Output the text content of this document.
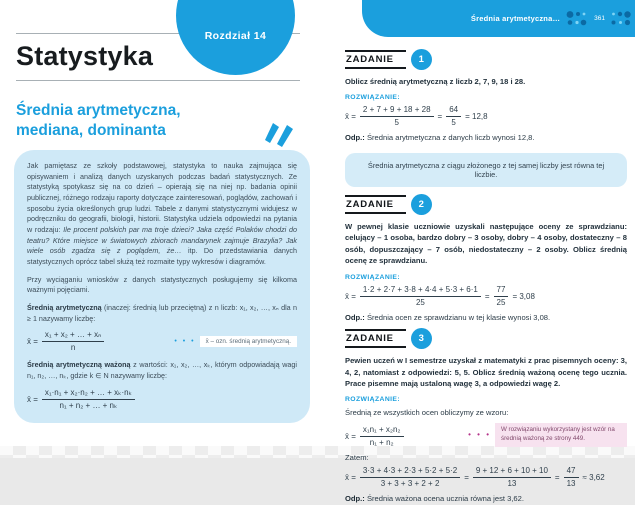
Rozdział 14
Statystyka
Średnia arytmetyczna,
mediana, dominanta

Jak pamiętasz ze szkoły podstawowej, statystyka to nauka zajmująca się opisywaniem i analizą danych uzyskanych podczas badań statystycznych. Ze statystyką spotykasz się na co dzień – opierają się na niej np. badania opinii publicznej, różnego rodzaju raporty dotyczące zainteresowań, poglądów, zachowań i sposobu życia określonych grup ludzi. Tabele z danymi statystycznymi widujesz w podręczniku do geografii, biologii, historii. Statystyka udziela odpowiedzi na pytania w rodzaju: Ile procent polskich par ma troje dzieci? Jaka część Polaków chodzi do teatru? Które miejsce w światowych zbiorach mandarynek zajmuje Brazylia? Jak wiele osób zgadza się z poglądem, że… itp. Do przedstawiania danych statystycznych oprócz tabel służą też rozmaite typy wykresów i diagramów.

Przy wyciąganiu wniosków z danych statystycznych posługujemy się kilkoma ważnymi pojęciami.

Średnią arytmetyczną (inaczej: średnią lub przeciętną) z n liczb: x₁, x₂, …, xₙ dla n ≥ 1 nazywamy liczbę:

x̄ = $\frac{\text{x₁ + x₂ + … + xₙ}}{n}$	• • •	x̄ – ozn. średnią arytmetyczną.

Średnią arytmetyczną ważoną z wartości: x₁, x₂, …, xₖ, którym odpowiadają wagi n₁, n₂, …, nₖ, gdzie k ∈ N nazywamy liczbę:

x̄ = $\frac{\text{x₁·n₁ + x₂·n₂ + … + xₖ·nₖ}}{\text{n₁ + n₂ + … + nₖ}}$
Średnia arytmetyczna…	361
ZADANIE	1

Oblicz średnią arytmetyczną z liczb 2, 7, 9, 18 i 28.

ROZWIĄZANIE:
x̄ = $\frac{2 + 7 + 9 + 18 + 28}{5} = \frac{64}{5} = 12,8$

Odp.: Średnia arytmetyczna z danych liczb wynosi 12,8.

Średnia arytmetyczna z ciągu złożonego z tej samej liczby jest równa tej liczbie.
ZADANIE	2

W pewnej klasie uczniowie uzyskali następujące oceny ze sprawdzianu: celujący – 1 osoba, bardzo dobry – 3 osoby, dobry – 4 osoby, dostateczny – 8 osób, dopuszczający – 7 osób, niedostateczny – 2 osoby. Oblicz średnią ocenę ze sprawdzianu.

ROZWIĄZANIE:
x̄ = $\frac{1\cdot 2 + 2\cdot 7 + 3\cdot 8 + 4\cdot 4 + 5\cdot 3 + 6\cdot 1}{25} = \frac{77}{25} = 3,08$

Odp.: Średnia ocen ze sprawdzianu w tej klasie wynosi 3,08.

ZADANIE	3

Pewien uczeń w I semestrze uzyskał z matematyki z prac pisemnych oceny: 3, 4, 2, natomiast z odpowiedzi: 5, 5. Oblicz średnią ważoną ocenę tego ucznia. Prace pisemne mają ustaloną wagę 3, a odpowiedzi wagę 2.

ROZWIĄZANIE:

Średnią ze wszystkich ocen obliczymy ze wzoru:

x̄ = $\frac{\text{x₁n₁ + x₂n₂}}{\text{n₁ + n₂}}$	• • •
W rozwiązaniu wykorzystany jest wzór na średnią ważoną ze strony 449.

Zatem:

x̄ = $\frac{3\cdot 3 + 4\cdot 3 + 2\cdot 3 + 5\cdot 2 + 5\cdot 2}{3 + 3 + 3 + 2 + 2} = \frac{9 + 12 + 6 + 10 + 10}{13} = \frac{47}{13} \approx 3,62$

Odp.: Średnia ważona ocena ucznia równa jest 3,62.
